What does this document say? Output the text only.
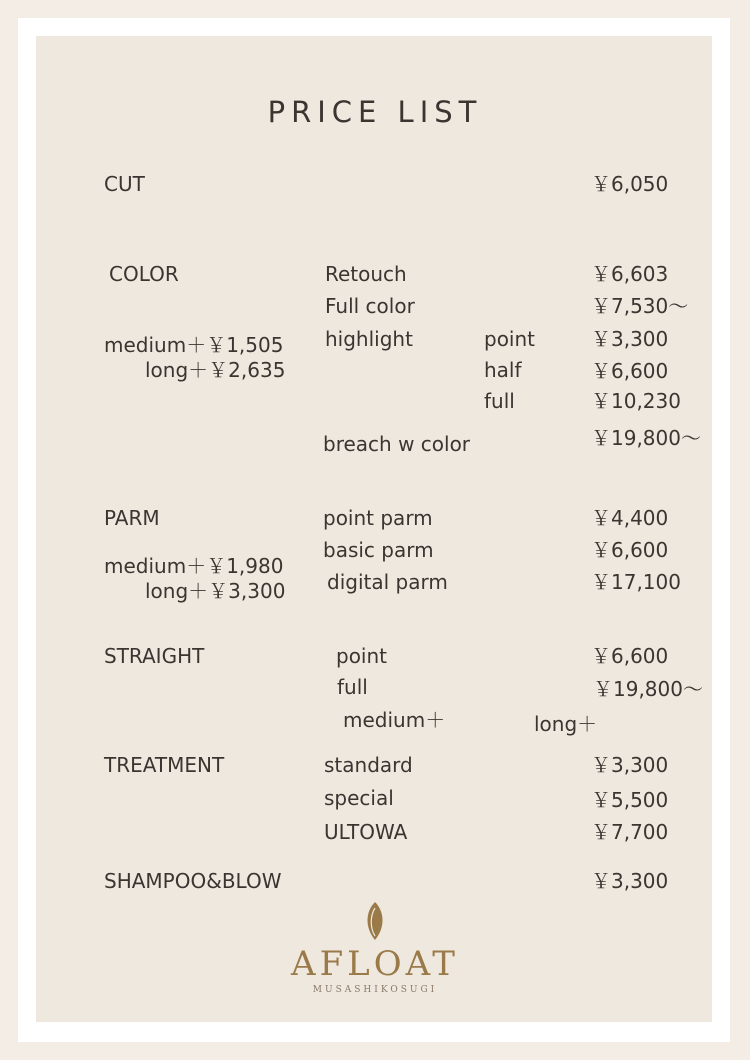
PRICE LIST
CUT	￥6,050
COLOR
medium＋￥1,505
long＋￥2,635
Retouch	￥6,603
Full color	￥7,530～
highlight	point	￥3,300
half	￥6,600
full	￥10,230
breach w color	￥19,800～
PARM
medium＋￥1,980
long＋￥3,300
point parm	￥4,400
basic parm	￥6,600
digital parm	￥17,100
STRAIGHT	point	￥6,600
full	￥19,800～
medium＋	long＋
TREATMENT	standard	￥3,300
special	￥5,500
ULTOWA	￥7,700
SHAMPOO&BLOW	￥3,300
AFLOAT
MUSASHIKOSUGI
